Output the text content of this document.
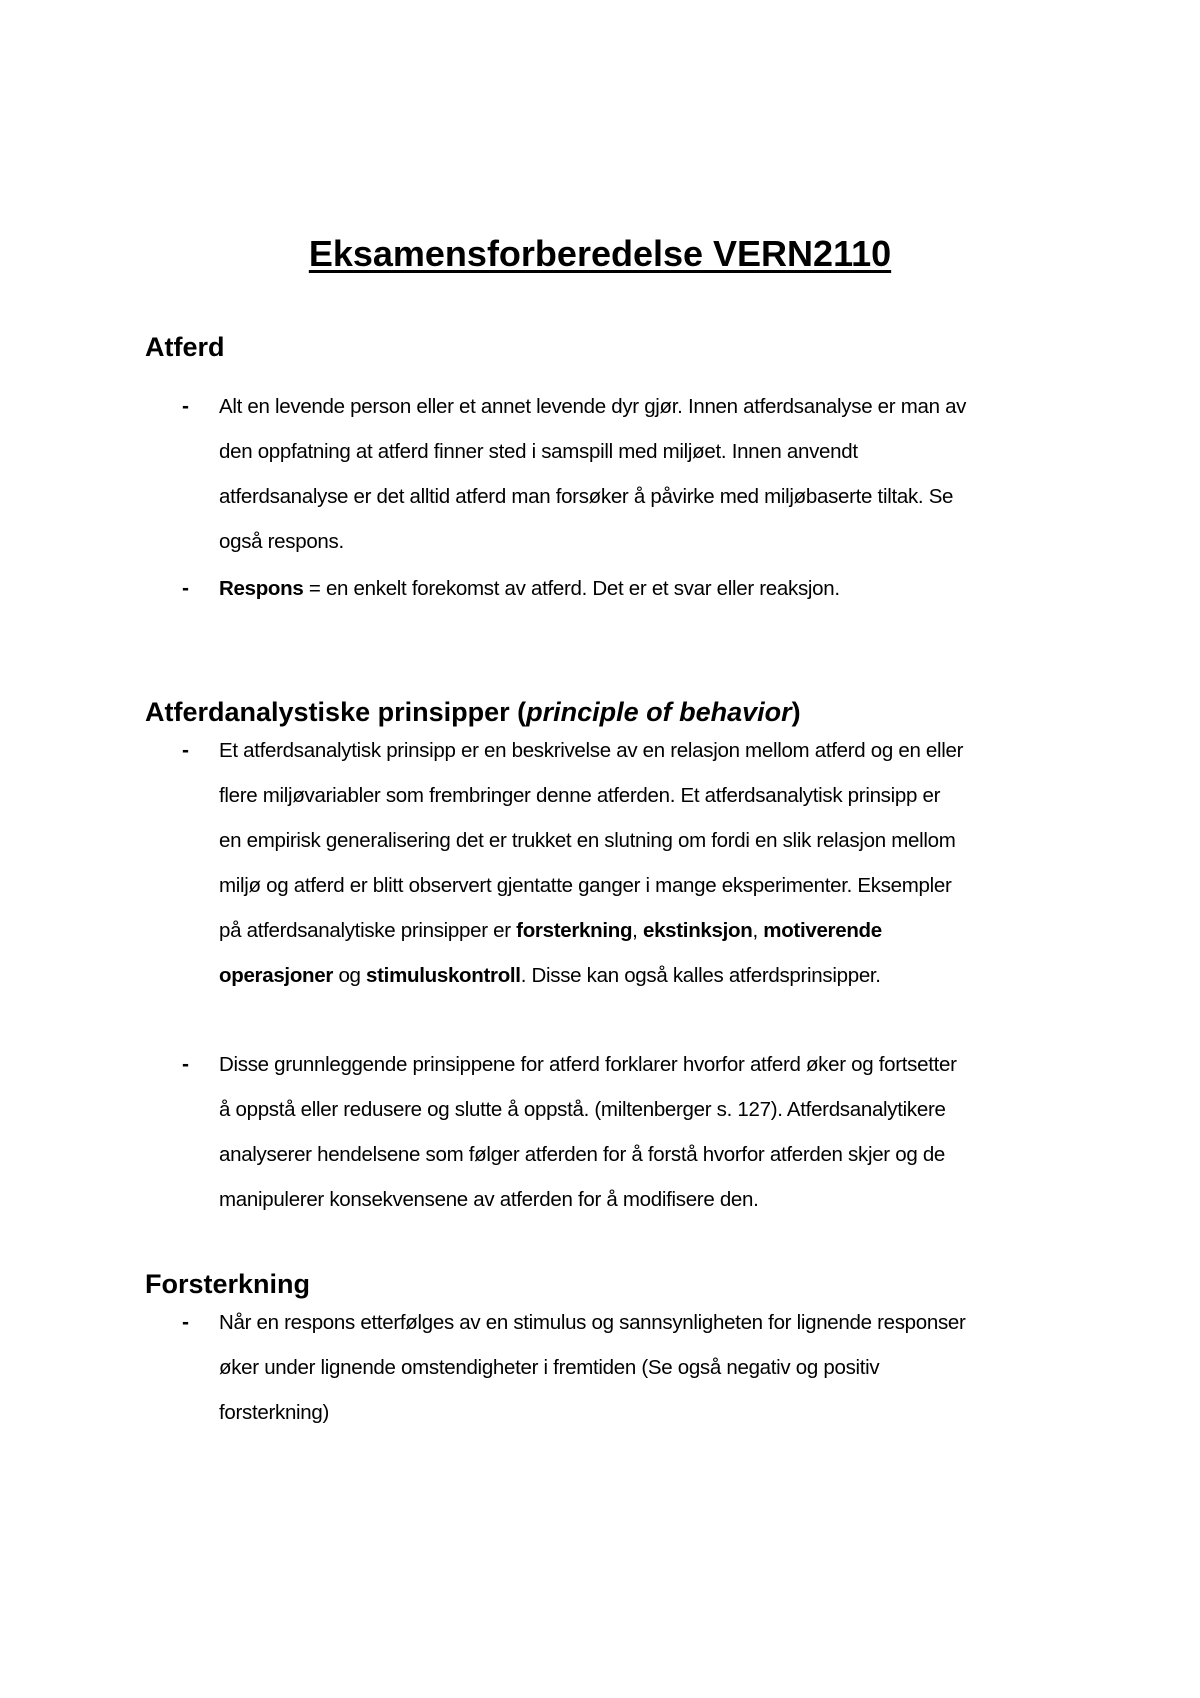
Eksamensforberedelse VERN2110
Atferd
- Alt en levende person eller et annet levende dyr gjør. Innen atferdsanalyse er man av
den oppfatning at atferd finner sted i samspill med miljøet. Innen anvendt
atferdsanalyse er det alltid atferd man forsøker å påvirke med miljøbaserte tiltak. Se
også respons.
- Respons = en enkelt forekomst av atferd. Det er et svar eller reaksjon.
Atferdanalystiske prinsipper (principle of behavior)
- Et atferdsanalytisk prinsipp er en beskrivelse av en relasjon mellom atferd og en eller
flere miljøvariabler som frembringer denne atferden. Et atferdsanalytisk prinsipp er
en empirisk generalisering det er trukket en slutning om fordi en slik relasjon mellom
miljø og atferd er blitt observert gjentatte ganger i mange eksperimenter. Eksempler
på atferdsanalytiske prinsipper er forsterkning, ekstinksjon, motiverende
operasjoner og stimuluskontroll. Disse kan også kalles atferdsprinsipper.
- Disse grunnleggende prinsippene for atferd forklarer hvorfor atferd øker og fortsetter
å oppstå eller redusere og slutte å oppstå. (miltenberger s. 127). Atferdsanalytikere
analyserer hendelsene som følger atferden for å forstå hvorfor atferden skjer og de
manipulerer konsekvensene av atferden for å modifisere den.
Forsterkning
- Når en respons etterfølges av en stimulus og sannsynligheten for lignende responser
øker under lignende omstendigheter i fremtiden (Se også negativ og positiv
forsterkning)
